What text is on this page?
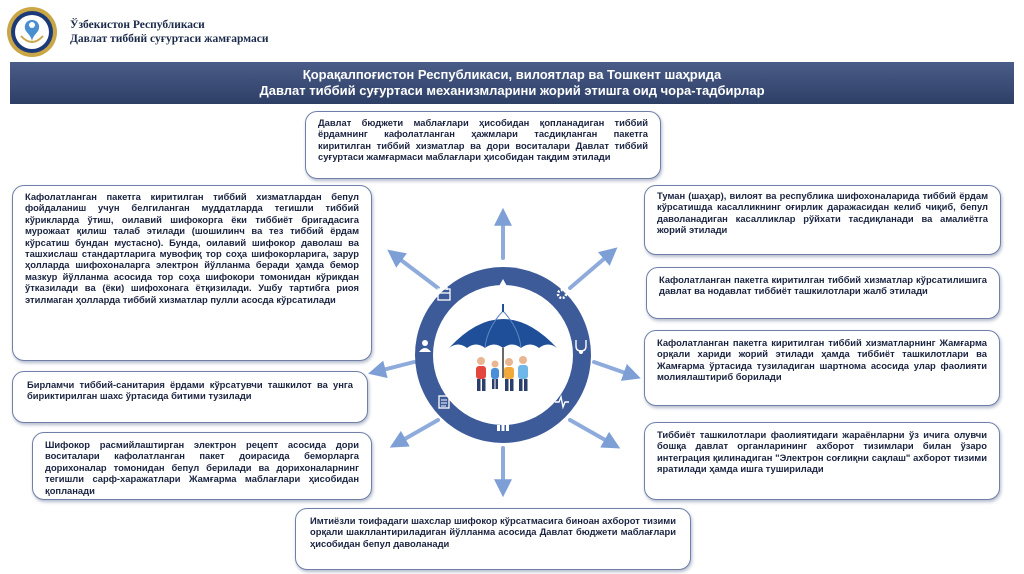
Ўзбекистон Республикаси
Давлат тиббий суғуртаси жамғармаси
Қорақалпоғистон Республикаси, вилоятлар ва Тошкент шаҳрида
Давлат тиббий суғуртаси механизмларини жорий этишга оид чора-тадбирлар
Давлат бюджети маблағлари ҳисобидан қопланадиган тиббий ёрдамнинг кафолатланган ҳажмлари тасдиқланган пакетга киритилган тиббий хизматлар ва дори воситалари Давлат тиббий суғуртаси жамғармаси маблағлари ҳисобидан тақдим этилади
Кафолатланган пакетга киритилган тиббий хизматлардан бепул фойдаланиш учун белгиланган муддатларда тегишли тиббий кўрикларда ўтиш, оилавий шифокорга ёки тиббиёт бригадасига мурожаат қилиш талаб этилади (шошилинч ва тез тиббий ёрдам кўрсатиш бундан мустасно). Бунда, оилавий шифокор даволаш ва ташхислаш стандартларига мувофиқ тор соҳа шифокорларига, зарур ҳолларда шифохоналарга электрон йўлланма беради ҳамда бемор мазкур йўлланма асосида тор соҳа шифокори томонидан кўрикдан ўтказилади ва (ёки) шифохонага ётқизилади. Ушбу тартибга риоя этилмаган ҳолларда тиббий хизматлар пулли асосда кўрсатилади
Бирламчи тиббий-санитария ёрдами кўрсатувчи ташкилот ва унга бириктирилган шахс ўртасида битими тузилади
Шифокор расмийлаштирган электрон рецепт асосида дори воситалари кафолатланган пакет доирасида беморларга дорихоналар томонидан бепул берилади ва дорихоналарнинг тегишли сарф-харажатлари Жамғарма маблағлари ҳисобидан қопланади
Туман (шаҳар), вилоят ва республика шифохоналарида тиббий ёрдам кўрсатишда касалликнинг оғирлик даражасидан келиб чиқиб, бепул даволанадиган касалликлар рўйхати тасдиқланади ва амалиётга жорий этилади
Кафолатланган пакетга киритилган тиббий хизматлар кўрсатилишига давлат ва нодавлат тиббиёт ташкилотлари жалб этилади
Кафолатланган пакетга киритилган тиббий хизматларнинг Жамғарма орқали хариди жорий этилади ҳамда тиббиёт ташкилотлари ва Жамғарма ўртасида тузиладиган шартнома асосида улар фаолияти молиялаштириб борилади
Тиббиёт ташкилотлари фаолиятидаги жараёнларни ўз ичига олувчи бошқа давлат органларининг ахборот тизимлари билан ўзаро интеграция қилинадиган "Электрон соғлиқни сақлаш" ахборот тизими яратилади ҳамда ишга туширилади
Имтиёзли тоифадаги шахслар шифокор кўрсатмасига биноан ахборот тизими орқали шакллантириладиган йўлланма асосида Давлат бюджети маблағлари ҳисобидан бепул даволанади
